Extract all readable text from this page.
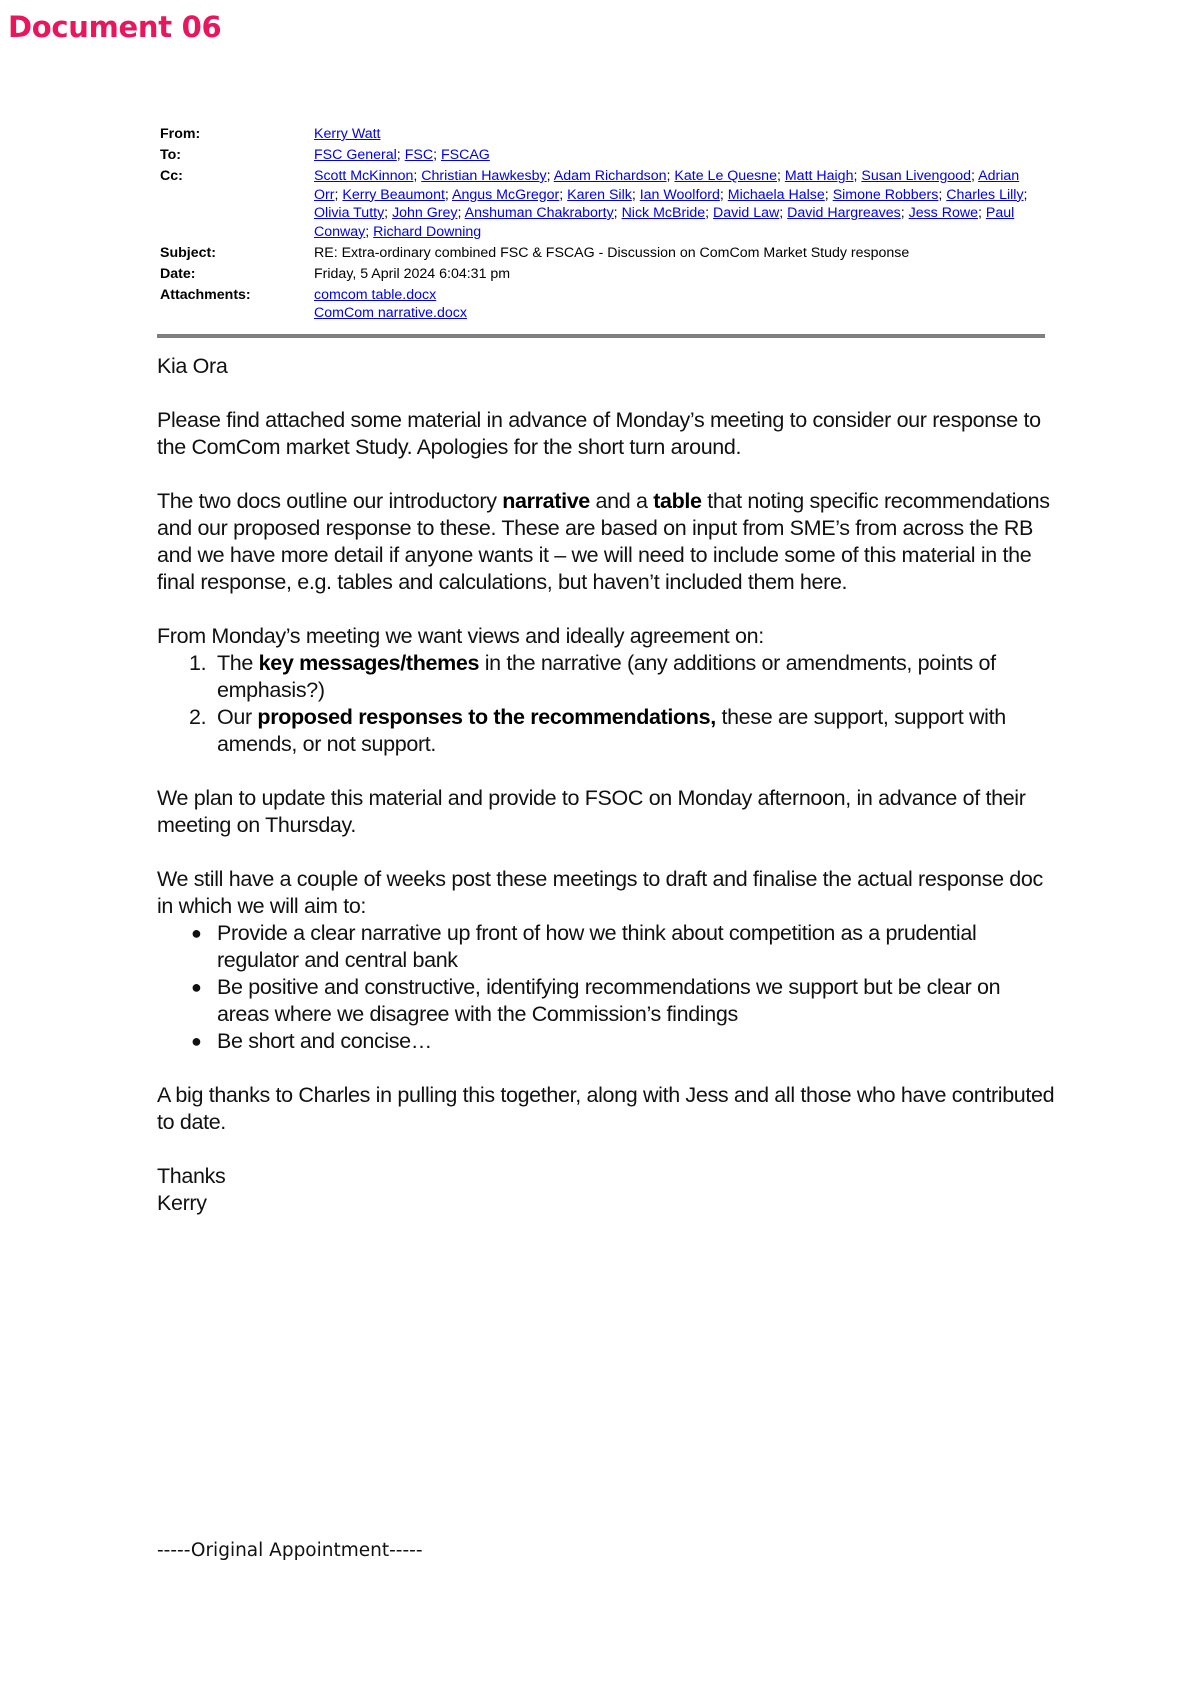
Document 06
From:	Kerry Watt
To:	FSC General; FSC; FSCAG
Cc:	Scott McKinnon; Christian Hawkesby; Adam Richardson; Kate Le Quesne; Matt Haigh; Susan Livengood; Adrian Orr; Kerry Beaumont; Angus McGregor; Karen Silk; Ian Woolford; Michaela Halse; Simone Robbers; Charles Lilly; Olivia Tutty; John Grey; Anshuman Chakraborty; Nick McBride; David Law; David Hargreaves; Jess Rowe; Paul Conway; Richard Downing
Subject:	RE: Extra-ordinary combined FSC & FSCAG - Discussion on ComCom Market Study response
Date:	Friday, 5 April 2024 6:04:31 pm
Attachments:	comcom table.docx
ComCom narrative.docx

Kia Ora

Please find attached some material in advance of Monday’s meeting to consider our response to the ComCom market Study. Apologies for the short turn around.

The two docs outline our introductory narrative and a table that noting specific recommendations and our proposed response to these. These are based on input from SME’s from across the RB and we have more detail if anyone wants it – we will need to include some of this material in the final response, e.g. tables and calculations, but haven’t included them here.

From Monday’s meeting we want views and ideally agreement on:

1. The key messages/themes in the narrative (any additions or amendments, points of emphasis?)
2. Our proposed responses to the recommendations, these are support, support with amends, or not support.

We plan to update this material and provide to FSOC on Monday afternoon, in advance of their meeting on Thursday.

We still have a couple of weeks post these meetings to draft and finalise the actual response doc in which we will aim to:

● Provide a clear narrative up front of how we think about competition as a prudential regulator and central bank
● Be positive and constructive, identifying recommendations we support but be clear on areas where we disagree with the Commission’s findings
● Be short and concise…

A big thanks to Charles in pulling this together, along with Jess and all those who have contributed to date.

Thanks

Kerry

-----Original Appointment-----
